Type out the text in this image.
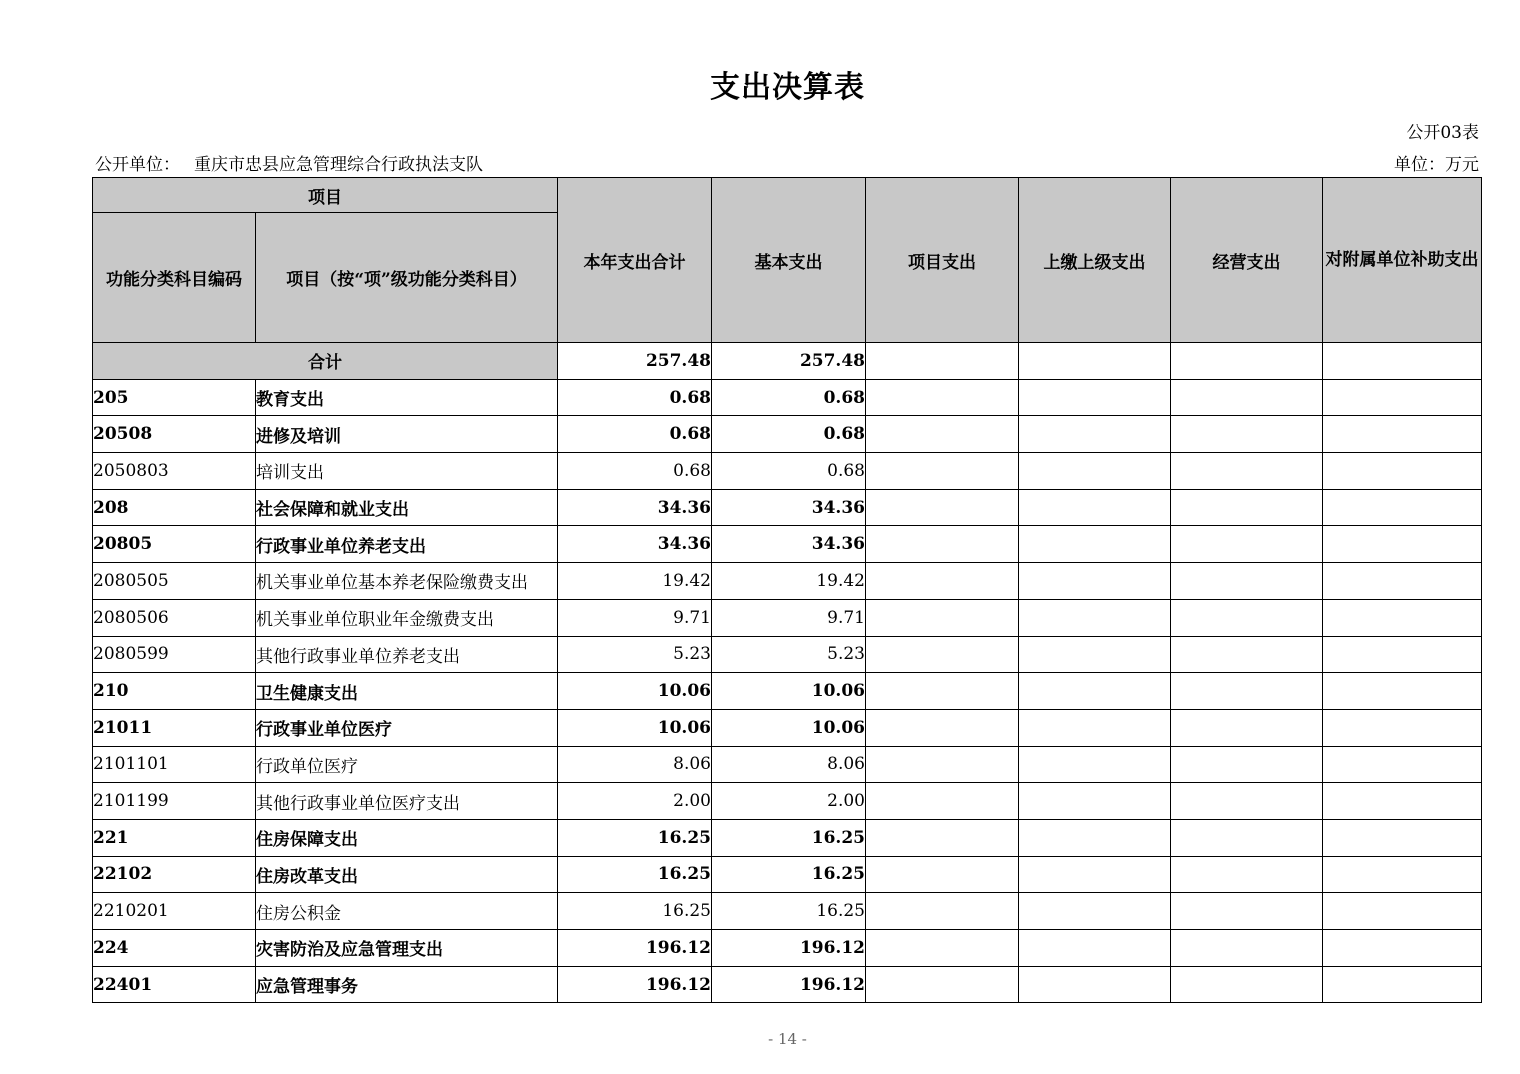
支出决算表
公开03表
公开单位： 重庆市忠县应急管理综合行政执法支队	单位：万元
项目		本年支出合计	基本支出	项目支出	上缴上级支出	经营支出	对附属单位补助支出
功能分类科目编码	项目（按“项”级功能分类科目）						
合计		257.48	257.48				
205	教育支出	0.68	0.68				
20508	进修及培训	0.68	0.68				
2050803	培训支出	0.68	0.68				
208	社会保障和就业支出	34.36	34.36				
20805	行政事业单位养老支出	34.36	34.36				
2080505	机关事业单位基本养老保险缴费支出	19.42	19.42				
2080506	机关事业单位职业年金缴费支出	9.71	9.71				
2080599	其他行政事业单位养老支出	5.23	5.23				
210	卫生健康支出	10.06	10.06				
21011	行政事业单位医疗	10.06	10.06				
2101101	行政单位医疗	8.06	8.06				
2101199	其他行政事业单位医疗支出	2.00	2.00				
221	住房保障支出	16.25	16.25				
22102	住房改革支出	16.25	16.25				
2210201	住房公积金	16.25	16.25				
224	灾害防治及应急管理支出	196.12	196.12				
22401	应急管理事务	196.12	196.12				
- 14 -
